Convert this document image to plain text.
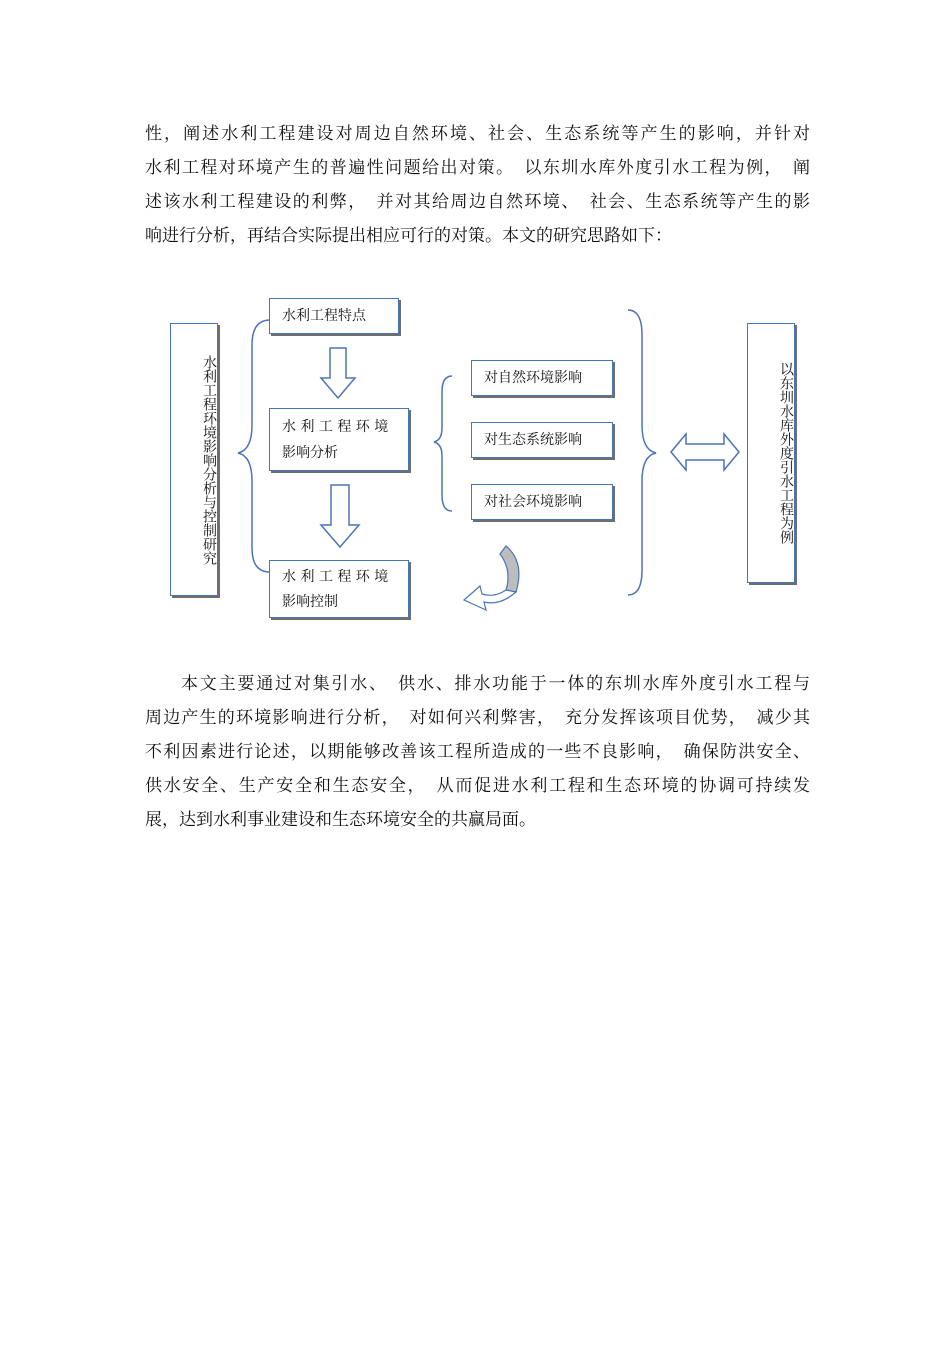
性，阐述水利工程建设对周边自然环境、社会、生态系统等产生的影响，并针对
水利工程对环境产生的普遍性问题给出对策。　以东圳水库外度引水工程为例，　阐
述该水利工程建设的利弊，　并对其给周边自然环境、　社会、生态系统等产生的影
响进行分析，再结合实际提出相应可行的对策。本文的研究思路如下：
水利工程环境影响分析与控制研究
水利工程特点
水 利 工 程 环 境
影响分析
水 利 工 程 环 境
影响控制
对自然环境影响
对生态系统影响
对社会环境影响	以东圳水库外度引水工程为例
本文主要通过对集引水、　供水、排水功能于一体的东圳水库外度引水工程与
周边产生的环境影响进行分析，　对如何兴利弊害，　充分发挥该项目优势，　减少其
不利因素进行论述，以期能够改善该工程所造成的一些不良影响，　确保防洪安全、
供水安全、生产安全和生态安全，　从而促进水利工程和生态环境的协调可持续发
展，达到水利事业建设和生态环境安全的共赢局面。
